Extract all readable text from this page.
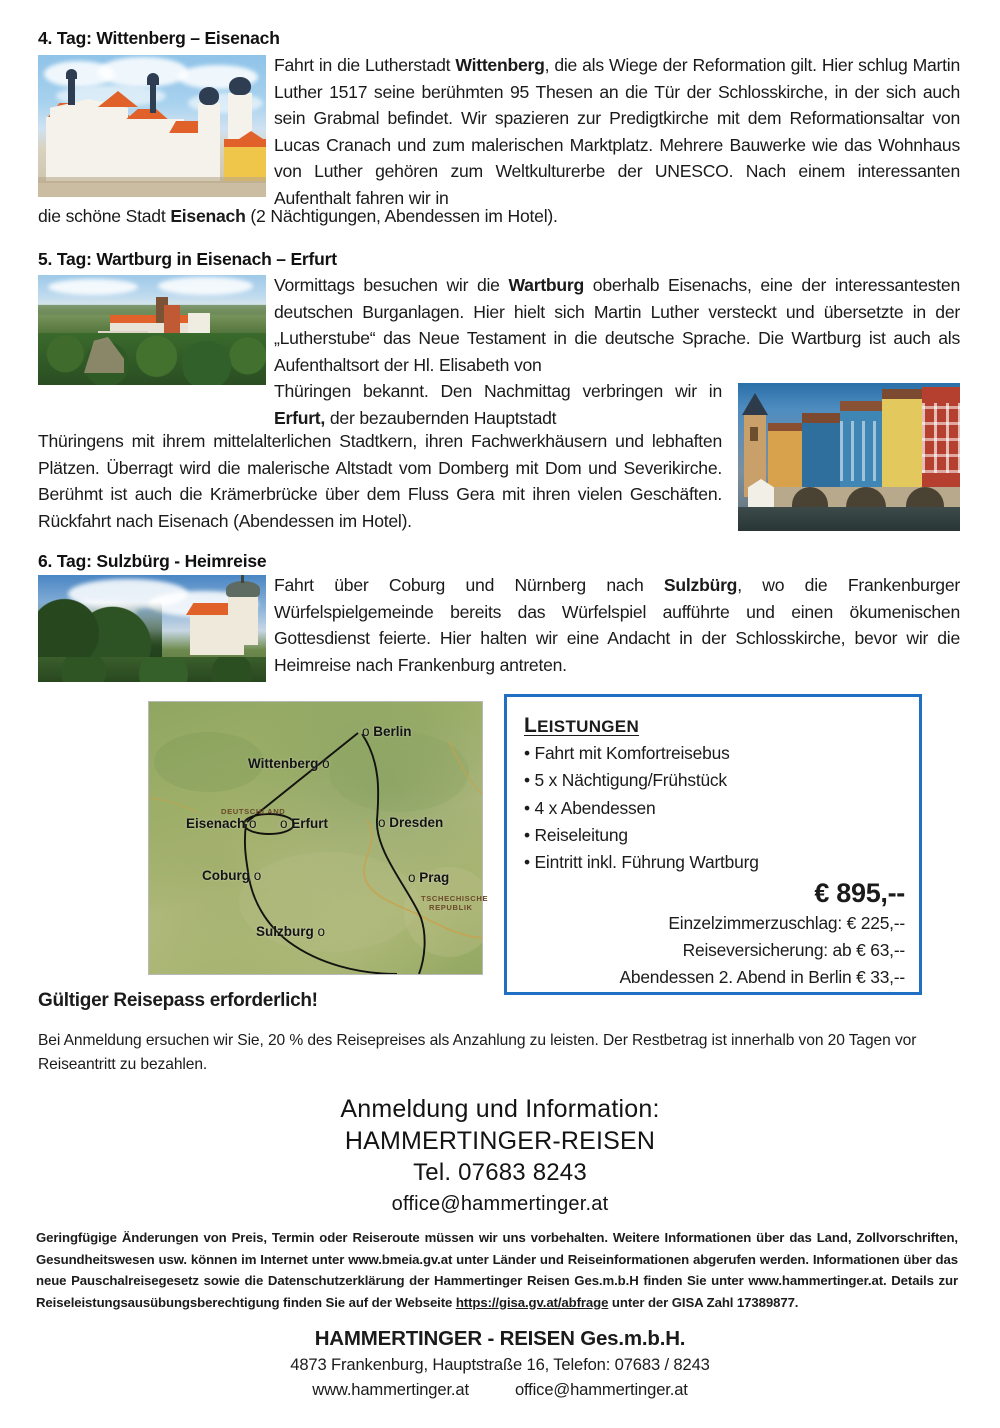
4. Tag: Wittenberg – Eisenach
Fahrt in die Lutherstadt Wittenberg, die als Wiege der Reformation gilt. Hier schlug Martin Luther 1517 seine berühmten 95 Thesen an die Tür der Schlosskirche, in der sich auch sein Grabmal befindet. Wir spazieren zur Predigtkirche mit dem Reformationsaltar von Lucas Cranach und zum malerischen Marktplatz. Mehrere Bauwerke wie das Wohnhaus von Luther gehören zum Weltkulturerbe der UNESCO. Nach einem interessanten Aufenthalt fahren wir in
die schöne Stadt Eisenach (2 Nächtigungen, Abendessen im Hotel).
5. Tag: Wartburg in Eisenach – Erfurt
Vormittags besuchen wir die Wartburg oberhalb Eisenachs, eine der interessantesten deutschen Burganlagen. Hier hielt sich Martin Luther versteckt und übersetzte in der „Lutherstube“ das Neue Testament in die deutsche Sprache. Die Wartburg ist auch als Aufenthaltsort der Hl. Elisabeth von
Thüringen bekannt. Den Nachmittag verbringen wir in Erfurt, der bezaubernden Hauptstadt
Thüringens mit ihrem mittelalterlichen Stadtkern, ihren Fachwerkhäusern und lebhaften Plätzen. Überragt wird die malerische Altstadt vom Domberg mit Dom und Severikirche. Berühmt ist auch die Krämerbrücke über dem Fluss Gera mit ihren vielen Geschäften. Rückfahrt nach Eisenach (Abendessen im Hotel).
6. Tag: Sulzbürg - Heimreise
Fahrt über Coburg und Nürnberg nach Sulzbürg, wo die Frankenburger Würfelspielgemeinde bereits das Würfelspiel aufführte und einen ökumenischen Gottesdienst feierte. Hier halten wir eine Andacht in der Schlosskirche, bevor wir die Heimreise nach Frankenburg antreten.
DEUTSCHLAND
TSCHECHISCHE
REPUBLIK
o Berlin
Wittenberg o
Eisenach o o Erfurt	o Dresden
Coburg o	o Prag
Sulzburg o
LEISTUNGEN
• Fahrt mit Komfortreisebus
• 5 x Nächtigung/Frühstück
• 4 x Abendessen
• Reiseleitung
• Eintritt inkl. Führung Wartburg
€ 895,--
Einzelzimmerzuschlag: € 225,--
Reiseversicherung: ab € 63,--
Abendessen 2. Abend in Berlin € 33,--
Gültiger Reisepass erforderlich!
Bei Anmeldung ersuchen wir Sie, 20 % des Reisepreises als Anzahlung zu leisten. Der Restbetrag ist innerhalb von 20 Tagen vor Reiseantritt zu bezahlen.
Anmeldung und Information:
HAMMERTINGER-REISEN
Tel. 07683 8243
office@hammertinger.at
Geringfügige Änderungen von Preis, Termin oder Reiseroute müssen wir uns vorbehalten. Weitere Informationen über das Land, Zollvorschriften, Gesundheitswesen usw. können im Internet unter www.bmeia.gv.at unter Länder und Reiseinformationen abgerufen werden. Informationen über das neue Pauschalreisegesetz sowie die Datenschutzerklärung der Hammertinger Reisen Ges.m.b.H finden Sie unter www.hammertinger.at. Details zur Reiseleistungsausübungsberechtigung finden Sie auf der Webseite https://gisa.gv.at/abfrage unter der GISA Zahl 17389877.
HAMMERTINGER - REISEN Ges.m.b.H.
4873 Frankenburg, Hauptstraße 16, Telefon: 07683 / 8243
www.hammertinger.at	office@hammertinger.at
